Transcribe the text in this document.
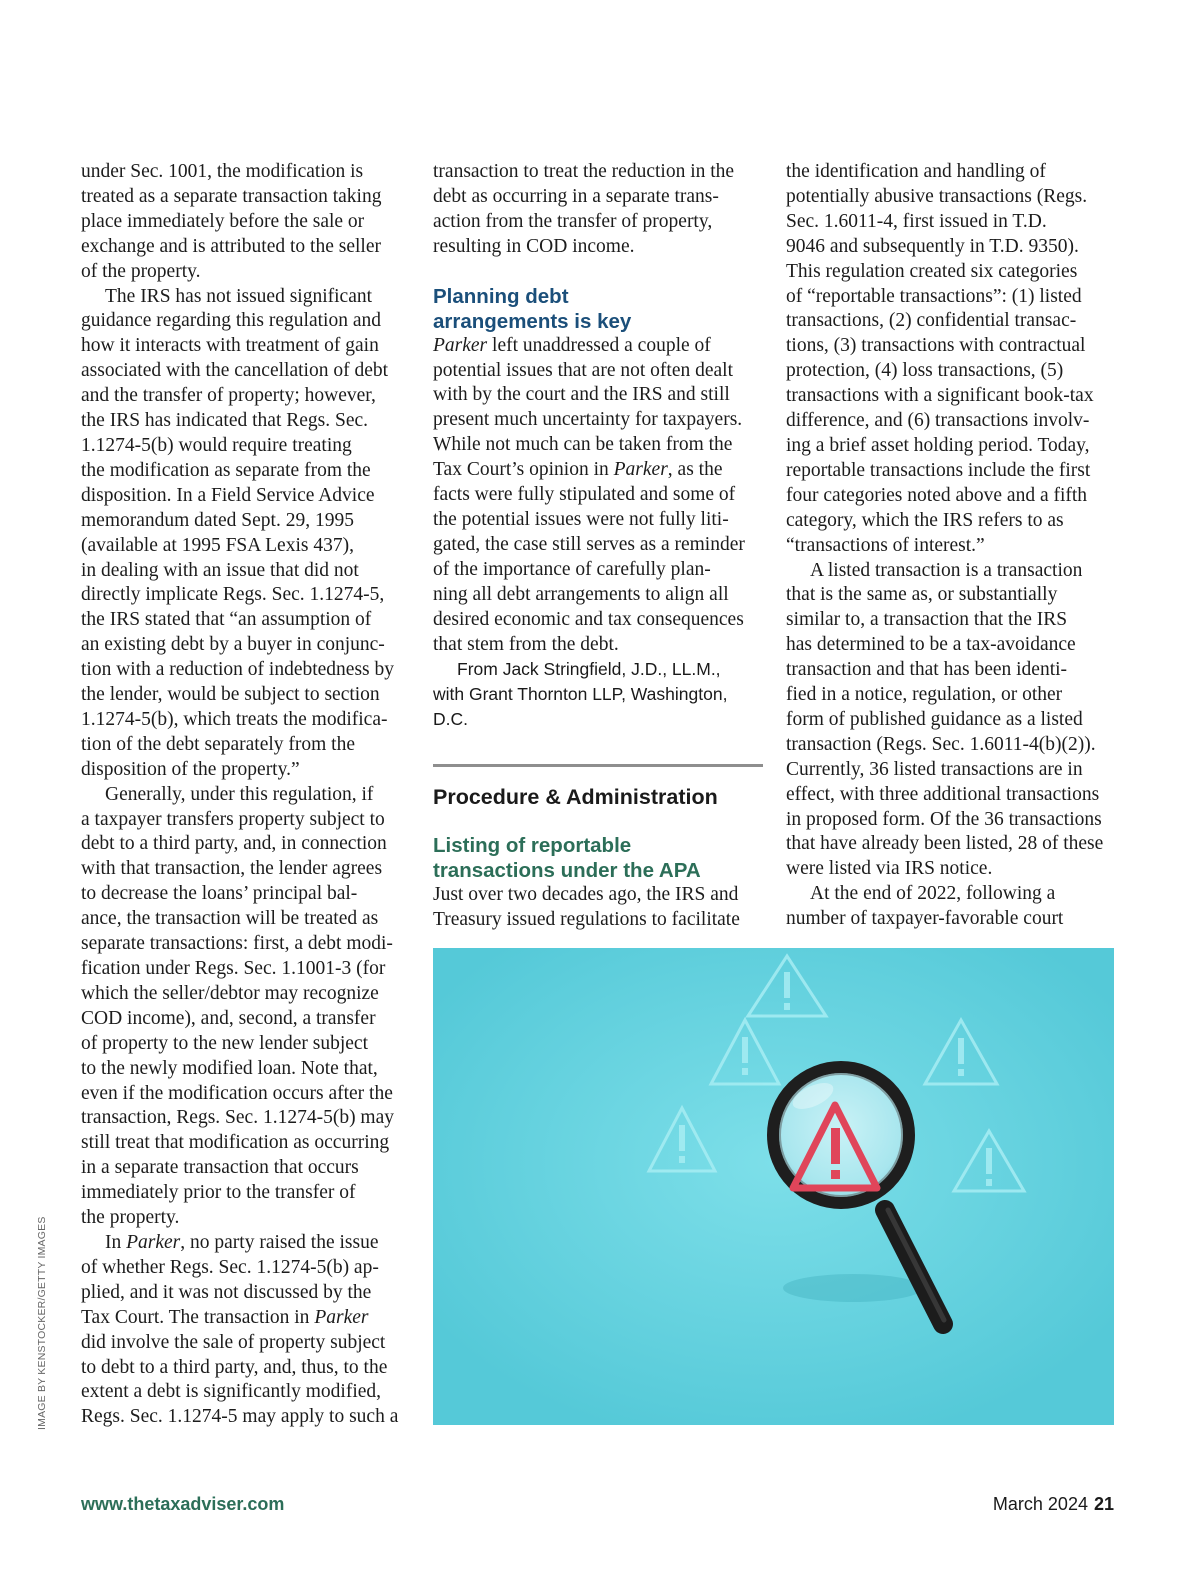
under Sec. 1001, the modification is
treated as a separate transaction taking
place immediately before the sale or
exchange and is attributed to the seller
of the property.

The IRS has not issued significant
guidance regarding this regulation and
how it interacts with treatment of gain
associated with the cancellation of debt
and the transfer of property; however,
the IRS has indicated that Regs. Sec.
1.1274-5(b) would require treating
the modification as separate from the
disposition. In a Field Service Advice
memorandum dated Sept. 29, 1995
(available at 1995 FSA Lexis 437),
in dealing with an issue that did not
directly implicate Regs. Sec. 1.1274-5,
the IRS stated that “an assumption of
an existing debt by a buyer in conjunc-
tion with a reduction of indebtedness by
the lender, would be subject to section
1.1274-5(b), which treats the modifica-
tion of the debt separately from the
disposition of the property.”

Generally, under this regulation, if
a taxpayer transfers property subject to
debt to a third party, and, in connection
with that transaction, the lender agrees
to decrease the loans’ principal bal-
ance, the transaction will be treated as
separate transactions: first, a debt modi-
fication under Regs. Sec. 1.1001-3 (for
which the seller/debtor may recognize
COD income), and, second, a transfer
of property to the new lender subject
to the newly modified loan. Note that,
even if the modification occurs after the
transaction, Regs. Sec. 1.1274-5(b) may
still treat that modification as occurring
in a separate transaction that occurs
immediately prior to the transfer of
the property.

In Parker, no party raised the issue
of whether Regs. Sec. 1.1274-5(b) ap-
plied, and it was not discussed by the
Tax Court. The transaction in Parker
did involve the sale of property subject
to debt to a third party, and, thus, to the
extent a debt is significantly modified,
Regs. Sec. 1.1274-5 may apply to such a

transaction to treat the reduction in the
debt as occurring in a separate trans-
action from the transfer of property,
resulting in COD income.

Planning debt
arrangements is key

Parker left unaddressed a couple of
potential issues that are not often dealt
with by the court and the IRS and still
present much uncertainty for taxpayers.
While not much can be taken from the
Tax Court’s opinion in Parker, as the
facts were fully stipulated and some of
the potential issues were not fully liti-
gated, the case still serves as a reminder
of the importance of carefully plan-
ning all debt arrangements to align all
desired economic and tax consequences
that stem from the debt.

From Jack Stringfield, J.D., LL.M.,
with Grant Thornton LLP, Washington,
D.C.

Procedure & Administration
Listing of reportable
transactions under the APA

Just over two decades ago, the IRS and
Treasury issued regulations to facilitate

the identification and handling of
potentially abusive transactions (Regs.
Sec. 1.6011-4, first issued in T.D.
9046 and subsequently in T.D. 9350).
This regulation created six categories
of “reportable transactions”: (1) listed
transactions, (2) confidential transac-
tions, (3) transactions with contractual
protection, (4) loss transactions, (5)
transactions with a significant book-tax
difference, and (6) transactions involv-
ing a brief asset holding period. Today,
reportable transactions include the first
four categories noted above and a fifth
category, which the IRS refers to as
“transactions of interest.”

A listed transaction is a transaction
that is the same as, or substantially
similar to, a transaction that the IRS
has determined to be a tax-avoidance
transaction and that has been identi-
fied in a notice, regulation, or other
form of published guidance as a listed
transaction (Regs. Sec. 1.6011-4(b)(2)).
Currently, 36 listed transactions are in
effect, with three additional transactions
in proposed form. Of the 36 transactions
that have already been listed, 28 of these
were listed via IRS notice.

At the end of 2022, following a
number of taxpayer-favorable court

IMAGE BY KENSTOCKER/GETTY IMAGES
www.thetaxadviser.com	March 2024 21
